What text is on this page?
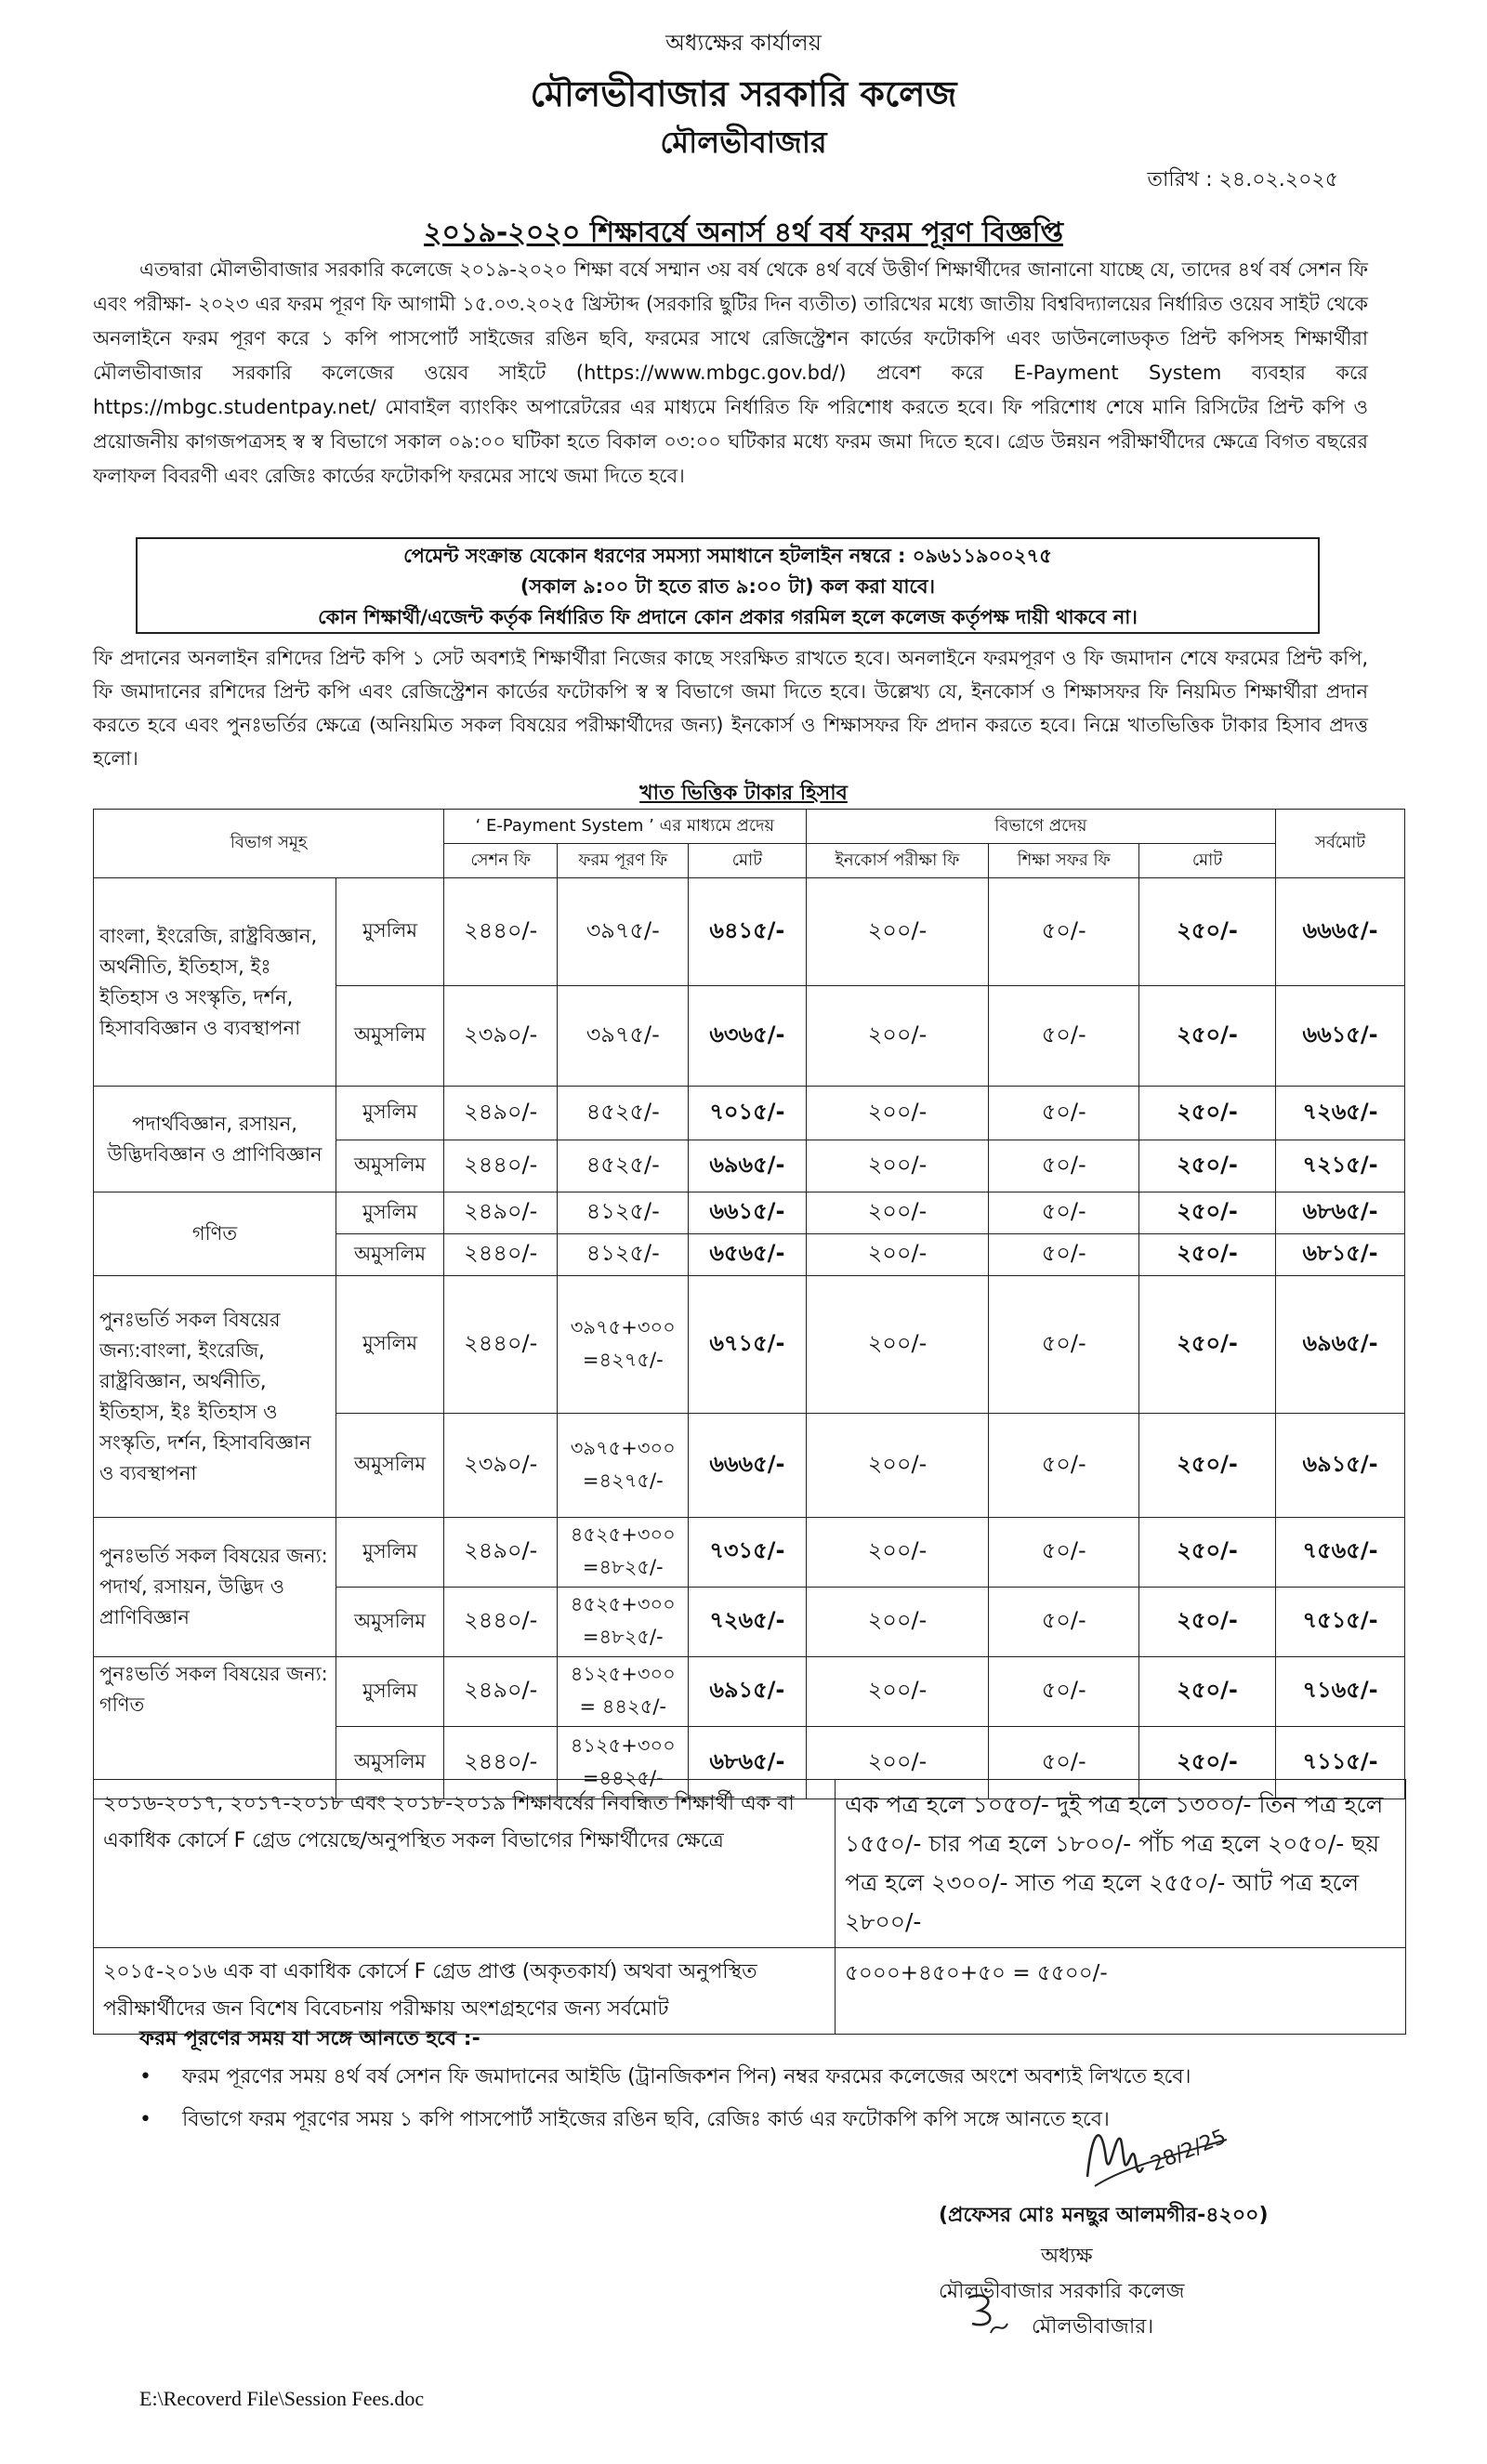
অধ্যক্ষের কার্যালয়
মৌলভীবাজার সরকারি কলেজ
মৌলভীবাজার
তারিখ : ২৪.০২.২০২৫
২০১৯-২০২০ শিক্ষাবর্ষে অনার্স ৪র্থ বর্ষ ফরম পূরণ বিজ্ঞপ্তি
এতদ্বারা মৌলভীবাজার সরকারি কলেজে ২০১৯-২০২০ শিক্ষা বর্ষে সম্মান ৩য় বর্ষ থেকে ৪র্থ বর্ষে উত্তীর্ণ শিক্ষার্থীদের জানানো যাচ্ছে যে, তাদের ৪র্থ বর্ষ সেশন ফি এবং পরীক্ষা- ২০২৩ এর ফরম পূরণ ফি আগামী ১৫.০৩.২০২৫ খ্রিস্টাব্দ (সরকারি ছুটির দিন ব্যতীত) তারিখের মধ্যে জাতীয় বিশ্ববিদ্যালয়ের নির্ধারিত ওয়েব সাইট থেকে অনলাইনে ফরম পূরণ করে ১ কপি পাসপোর্ট সাইজের রঙিন ছবি, ফরমের সাথে রেজিস্ট্রেশন কার্ডের ফটোকপি এবং ডাউনলোডকৃত প্রিন্ট কপিসহ শিক্ষার্থীরা মৌলভীবাজার সরকারি কলেজের ওয়েব সাইটে (https://www.mbgc.gov.bd/) প্রবেশ করে E-Payment System ব্যবহার করে https://mbgc.studentpay.net/ মোবাইল ব্যাংকিং অপারেটরের এর মাধ্যমে নির্ধারিত ফি পরিশোধ করতে হবে। ফি পরিশোধ শেষে মানি রিসিটের প্রিন্ট কপি ও প্রয়োজনীয় কাগজপত্রসহ স্ব স্ব বিভাগে সকাল ০৯:০০ ঘটিকা হতে বিকাল ০৩:০০ ঘটিকার মধ্যে ফরম জমা দিতে হবে। গ্রেড উন্নয়ন পরীক্ষার্থীদের ক্ষেত্রে বিগত বছরের ফলাফল বিবরণী এবং রেজিঃ কার্ডের ফটোকপি ফরমের সাথে জমা দিতে হবে।
পেমেন্ট সংক্রান্ত যেকোন ধরণের সমস্যা সমাধানে হটলাইন নম্বরে : ০৯৬১১৯০০২৭৫
(সকাল ৯:০০ টা হতে রাত ৯:০০ টা) কল করা যাবে।
কোন শিক্ষার্থী/এজেন্ট কর্তৃক নির্ধারিত ফি প্রদানে কোন প্রকার গরমিল হলে কলেজ কর্তৃপক্ষ দায়ী থাকবে না।
ফি প্রদানের অনলাইন রশিদের প্রিন্ট কপি ১ সেট অবশ্যই শিক্ষার্থীরা নিজের কাছে সংরক্ষিত রাখতে হবে। অনলাইনে ফরমপূরণ ও ফি জমাদান শেষে ফরমের প্রিন্ট কপি, ফি জমাদানের রশিদের প্রিন্ট কপি এবং রেজিস্ট্রেশন কার্ডের ফটোকপি স্ব স্ব বিভাগে জমা দিতে হবে। উল্লেখ্য যে, ইনকোর্স ও শিক্ষাসফর ফি নিয়মিত শিক্ষার্থীরা প্রদান করতে হবে এবং পুনঃভর্তির ক্ষেত্রে (অনিয়মিত সকল বিষয়ের পরীক্ষার্থীদের জন্য) ইনকোর্স ও শিক্ষাসফর ফি প্রদান করতে হবে। নিম্নে খাতভিত্তিক টাকার হিসাব প্রদত্ত হলো।
খাত ভিত্তিক টাকার হিসাব
বিভাগ সমূহ		‘ E-Payment System ’ এর মাধ্যমে প্রদেয়			বিভাগে প্রদেয়			সর্বমোট
		সেশন ফি	ফরম পূরণ ফি	মোট	ইনকোর্স পরীক্ষা ফি	শিক্ষা সফর ফি	মোট	
বাংলা, ইংরেজি, রাষ্ট্রবিজ্ঞান, অর্থনীতি, ইতিহাস, ইঃ ইতিহাস ও সংস্কৃতি, দর্শন, হিসাববিজ্ঞান ও ব্যবস্থাপনা	মুসলিম	২৪৪০/-	৩৯৭৫/-	৬৪১৫/-	২০০/-	৫০/-	২৫০/-	৬৬৬৫/-
	অমুসলিম	২৩৯০/-	৩৯৭৫/-	৬৩৬৫/-	২০০/-	৫০/-	২৫০/-	৬৬১৫/-
পদার্থবিজ্ঞান, রসায়ন, উদ্ভিদবিজ্ঞান ও প্রাণিবিজ্ঞান	মুসলিম	২৪৯০/-	৪৫২৫/-	৭০১৫/-	২০০/-	৫০/-	২৫০/-	৭২৬৫/-
	অমুসলিম	২৪৪০/-	৪৫২৫/-	৬৯৬৫/-	২০০/-	৫০/-	২৫০/-	৭২১৫/-
গণিত	মুসলিম	২৪৯০/-	৪১২৫/-	৬৬১৫/-	২০০/-	৫০/-	২৫০/-	৬৮৬৫/-
	অমুসলিম	২৪৪০/-	৪১২৫/-	৬৫৬৫/-	২০০/-	৫০/-	২৫০/-	৬৮১৫/-
পুনঃভর্তি সকল বিষয়ের জন্য:বাংলা, ইংরেজি, রাষ্ট্রবিজ্ঞান, অর্থনীতি, ইতিহাস, ইঃ ইতিহাস ও সংস্কৃতি, দর্শন, হিসাববিজ্ঞান ও ব্যবস্থাপনা	মুসলিম	২৪৪০/-	৩৯৭৫+৩০০ =৪২৭৫/-	৬৭১৫/-	২০০/-	৫০/-	২৫০/-	৬৯৬৫/-
	অমুসলিম	২৩৯০/-	৩৯৭৫+৩০০ =৪২৭৫/-	৬৬৬৫/-	২০০/-	৫০/-	২৫০/-	৬৯১৫/-
পুনঃভর্তি সকল বিষয়ের জন্য: পদার্থ, রসায়ন, উদ্ভিদ ও প্রাণিবিজ্ঞান	মুসলিম	২৪৯০/-	৪৫২৫+৩০০ =৪৮২৫/-	৭৩১৫/-	২০০/-	৫০/-	২৫০/-	৭৫৬৫/-
	অমুসলিম	২৪৪০/-	৪৫২৫+৩০০ =৪৮২৫/-	৭২৬৫/-	২০০/-	৫০/-	২৫০/-	৭৫১৫/-
পুনঃভর্তি সকল বিষয়ের জন্য: গণিত	মুসলিম	২৪৯০/-	৪১২৫+৩০০ = ৪৪২৫/-	৬৯১৫/-	২০০/-	৫০/-	২৫০/-	৭১৬৫/-
	অমুসলিম	২৪৪০/-	৪১২৫+৩০০ =৪৪২৫/-	৬৮৬৫/-	২০০/-	৫০/-	২৫০/-	৭১১৫/-
২০১৬-২০১৭, ২০১৭-২০১৮ এবং ২০১৮-২০১৯ শিক্ষাবর্ষের নিবন্ধিত শিক্ষার্থী এক বা একাধিক কোর্সে F গ্রেড পেয়েছে/অনুপস্থিত সকল বিভাগের শিক্ষার্থীদের ক্ষেত্রে	এক পত্র হলে ১০৫০/- দুই পত্র হলে ১৩০০/- তিন পত্র হলে ১৫৫০/- চার পত্র হলে ১৮০০/- পাঁচ পত্র হলে ২০৫০/- ছয় পত্র হলে ২৩০০/- সাত পত্র হলে ২৫৫০/- আট পত্র হলে ২৮০০/-
২০১৫-২০১৬ এক বা একাধিক কোর্সে F গ্রেড প্রাপ্ত (অকৃতকার্য) অথবা অনুপস্থিত পরীক্ষার্থীদের জন বিশেষ বিবেচনায় পরীক্ষায় অংশগ্রহণের জন্য সর্বমোট	৫০০০+৪৫০+৫০ = ৫৫০০/-
ফরম পূরণের সময় যা সঙ্গে আনতে হবে :-
• ফরম পূরণের সময় ৪র্থ বর্ষ সেশন ফি জমাদানের আইডি (ট্রানজিকশন পিন) নম্বর ফরমের কলেজের অংশে অবশ্যই লিখতে হবে।
• বিভাগে ফরম পূরণের সময় ১ কপি পাসপোর্ট সাইজের রঙিন ছবি, রেজিঃ কার্ড এর ফটোকপি কপি সঙ্গে আনতে হবে।
28/2/25
(প্রফেসর মোঃ মনছুর আলমগীর-৪২০০)
অধ্যক্ষ
মৌলভীবাজার সরকারি কলেজ
মৌলভীবাজার।
E:\Recoverd File\Session Fees.doc
